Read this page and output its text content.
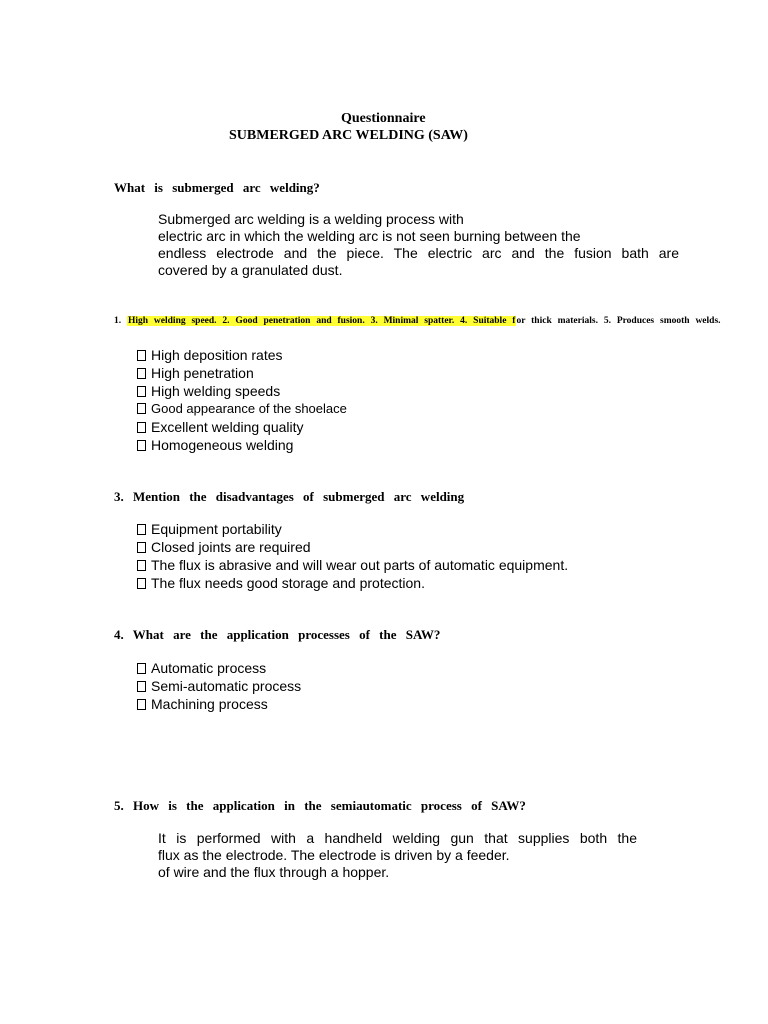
Questionnaire
SUBMERGED ARC WELDING (SAW)
What is submerged arc welding?
Submerged arc welding is a welding process with
electric arc in which the welding arc is not seen burning between the
endless electrode and the piece. The electric arc and the fusion bath are
covered by a granulated dust.
1. High welding speed. 2. Good penetration and fusion. 3. Minimal spatter. 4. Suitable for thick materials. 5. Produces smooth welds.
High deposition rates
High penetration
High welding speeds
Good appearance of the shoelace
Excellent welding quality
Homogeneous welding
3. Mention the disadvantages of submerged arc welding
Equipment portability
Closed joints are required
The flux is abrasive and will wear out parts of automatic equipment.
The flux needs good storage and protection.
4. What are the application processes of the SAW?
Automatic process
Semi-automatic process
Machining process
5. How is the application in the semiautomatic process of SAW?
It is performed with a handheld welding gun that supplies both the
flux as the electrode. The electrode is driven by a feeder.
of wire and the flux through a hopper.
